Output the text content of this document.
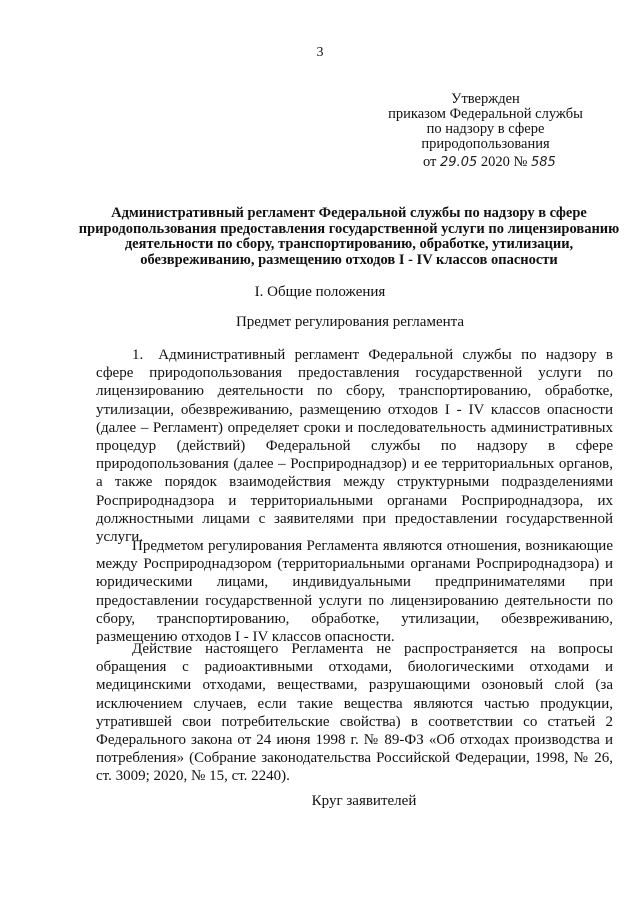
3
Утвержден
приказом Федеральной службы
по надзору в сфере
природопользования
от 29.05 2020 № 585
Административный регламент Федеральной службы по надзору в сфере природопользования предоставления государственной услуги по лицензированию деятельности по сбору, транспортированию, обработке, утилизации, обезвреживанию, размещению отходов I - IV классов опасности
I. Общие положения
Предмет регулирования регламента
1. Административный регламент Федеральной службы по надзору в сфере природопользования предоставления государственной услуги по лицензированию деятельности по сбору, транспортированию, обработке, утилизации, обезвреживанию, размещению отходов I - IV классов опасности (далее – Регламент) определяет сроки и последовательность административных процедур (действий) Федеральной службы по надзору в сфере природопользования (далее – Росприроднадзор) и ее территориальных органов, а также порядок взаимодействия между структурными подразделениями Росприроднадзора и территориальными органами Росприроднадзора, их должностными лицами с заявителями при предоставлении государственной услуги.
Предметом регулирования Регламента являются отношения, возникающие между Росприроднадзором (территориальными органами Росприроднадзора) и юридическими лицами, индивидуальными предпринимателями при предоставлении государственной услуги по лицензированию деятельности по сбору, транспортированию, обработке, утилизации, обезвреживанию, размещению отходов I - IV классов опасности.
Действие настоящего Регламента не распространяется на вопросы обращения с радиоактивными отходами, биологическими отходами и медицинскими отходами, веществами, разрушающими озоновый слой (за исключением случаев, если такие вещества являются частью продукции, утратившей свои потребительские свойства) в соответствии со статьей 2 Федерального закона от 24 июня 1998 г. № 89-ФЗ «Об отходах производства и потребления» (Собрание законодательства Российской Федерации, 1998, № 26, ст. 3009; 2020, № 15, ст. 2240).
Круг заявителей
